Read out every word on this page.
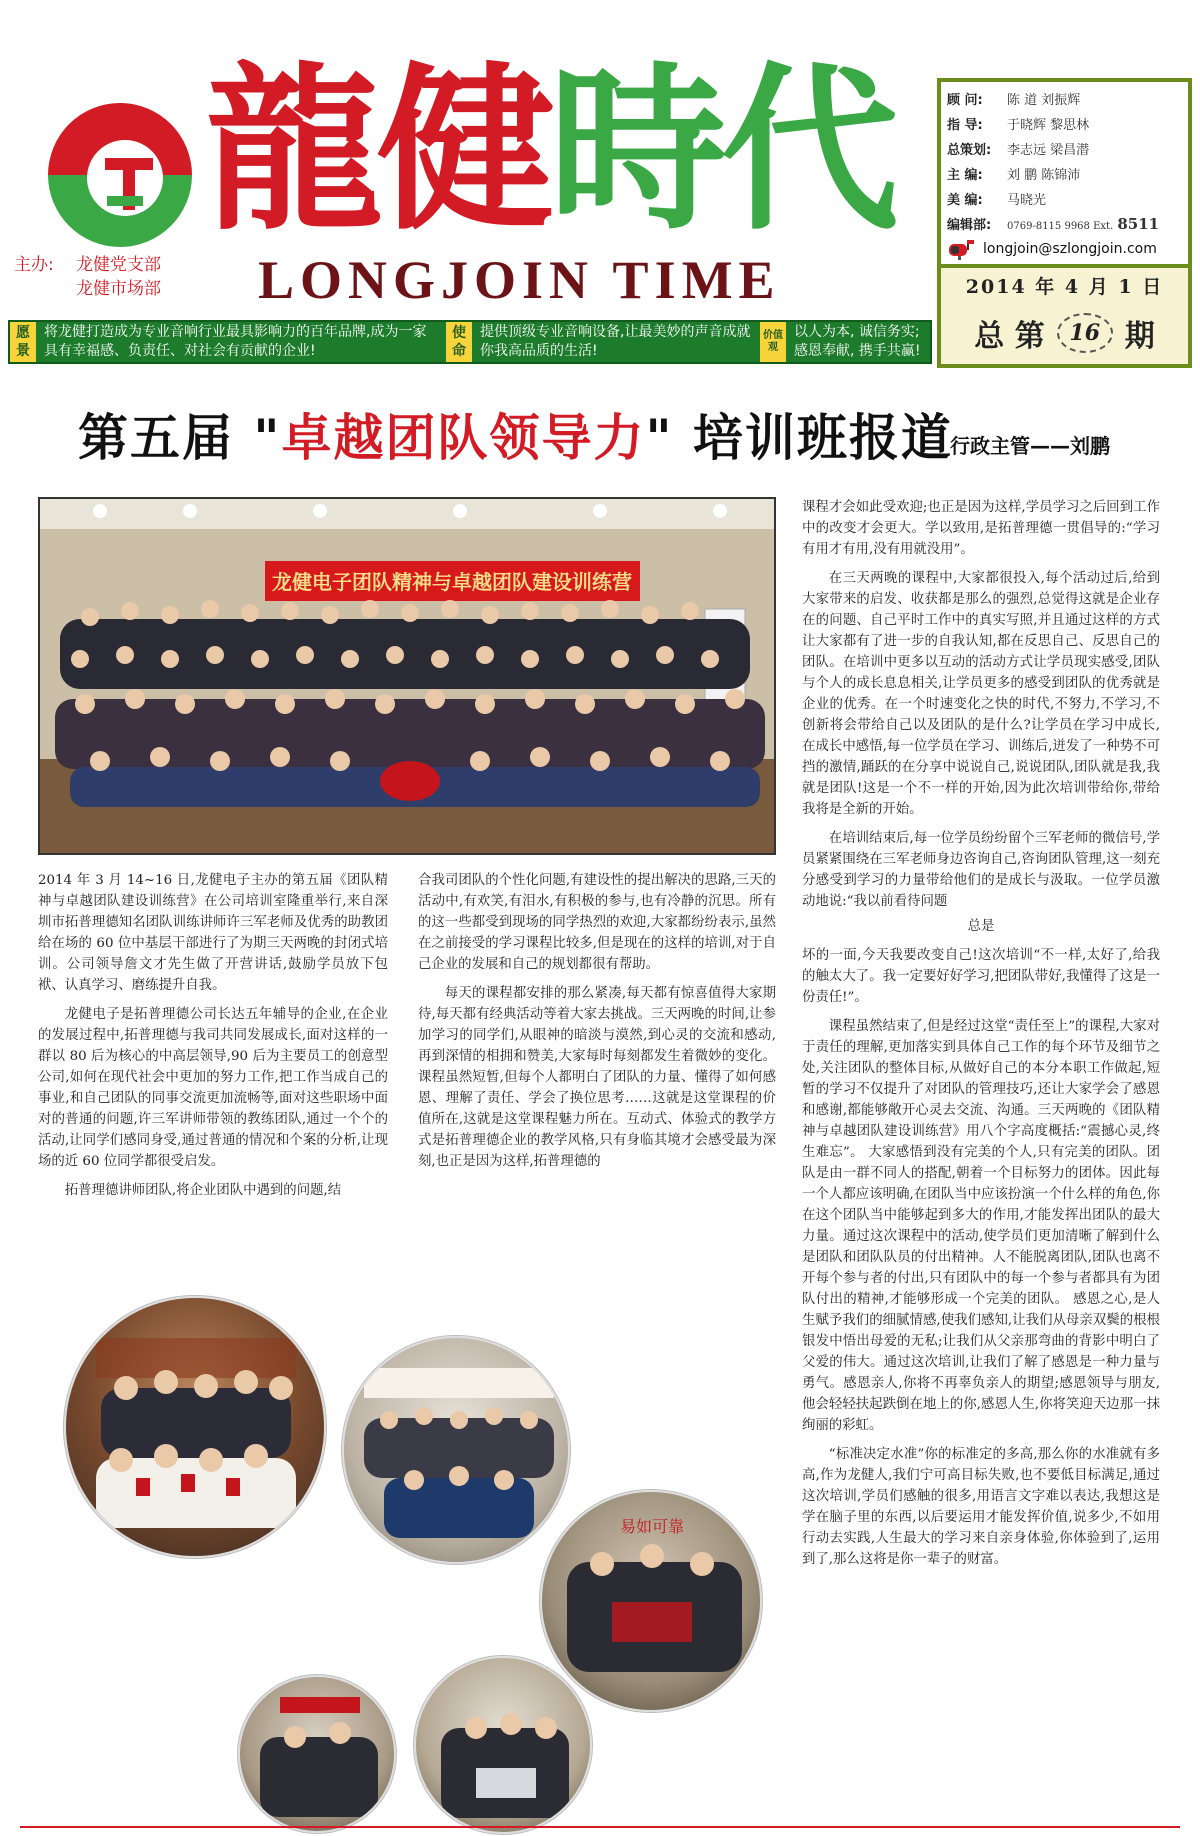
龍健時代
LONGJOIN TIME
主办: 龙健党支部
龙健市场部
顾 问:	陈 道 刘振辉
指 导:	于晓辉 黎思林
总策划:	李志远 梁昌潜
主 编:	刘 鹏 陈锦沛
美 编:	马晓光
编辑部:	0769-8115 9968 Ext. 8511
longjoin@szlongjoin.com
2014 年 4 月 1 日
总 第	16 期
愿景
将龙健打造成为专业音响行业最具影响力的百年品牌,成为一家具有幸福感、负责任、对社会有贡献的企业!
使命
提供顶级专业音响设备,让最美妙的声音成就你我高品质的生活!
价值观
以人为本, 诚信务实; 感恩奉献, 携手共赢!
第五届 "卓越团队领导力" 培训班报道
行政主管——刘鹏
龙健电子团队精神与卓越团队建设训练营
易如可靠

2014 年 3 月 14~16 日,龙健电子主办的第五届《团队精神与卓越团队建设训练营》在公司培训室隆重举行,来自深圳市拓普理德知名团队训练讲师许三军老师及优秀的助教团给在场的 60 位中基层干部进行了为期三天两晚的封闭式培训。公司领导詹文才先生做了开营讲话,鼓励学员放下包袱、认真学习、磨练提升自我。

龙健电子是拓普理德公司长达五年辅导的企业,在企业的发展过程中,拓普理德与我司共同发展成长,面对这样的一群以 80 后为核心的中高层领导,90 后为主要员工的创意型公司,如何在现代社会中更加的努力工作,把工作当成自己的事业,和自己团队的同事交流更加流畅等,面对这些职场中面对的普通的问题,许三军讲师带领的教练团队,通过一个个的活动,让同学们感同身受,通过普通的情况和个案的分析,让现场的近 60 位同学都很受启发。

拓普理德讲师团队,将企业团队中遇到的问题,结

合我司团队的个性化问题,有建设性的提出解决的思路,三天的活动中,有欢笑,有泪水,有积极的参与,也有冷静的沉思。所有的这一些都受到现场的同学热烈的欢迎,大家都纷纷表示,虽然在之前接受的学习课程比较多,但是现在的这样的培训,对于自己企业的发展和自己的规划都很有帮助。

每天的课程都安排的那么紧凑,每天都有惊喜值得大家期待,每天都有经典活动等着大家去挑战。三天两晚的时间,让参加学习的同学们,从眼神的暗淡与漠然,到心灵的交流和感动,再到深情的相拥和赞美,大家每时每刻都发生着微妙的变化。课程虽然短暂,但每个人都明白了团队的力量、懂得了如何感恩、理解了责任、学会了换位思考……这就是这堂课程的价值所在,这就是这堂课程魅力所在。互动式、体验式的教学方式是拓普理德企业的教学风格,只有身临其境才会感受最为深刻,也正是因为这样,拓普理德的

课程才会如此受欢迎;也正是因为这样,学员学习之后回到工作中的改变才会更大。学以致用,是拓普理德一贯倡导的:“学习有用才有用,没有用就没用”。

在三天两晚的课程中,大家都很投入,每个活动过后,给到大家带来的启发、收获都是那么的强烈,总觉得这就是企业存在的问题、自己平时工作中的真实写照,并且通过这样的方式让大家都有了进一步的自我认知,都在反思自己、反思自己的团队。在培训中更多以互动的活动方式让学员现实感受,团队与个人的成长息息相关,让学员更多的感受到团队的优秀就是企业的优秀。在一个时速变化之快的时代,不努力,不学习,不创新将会带给自己以及团队的是什么?让学员在学习中成长,在成长中感悟,每一位学员在学习、训练后,迸发了一种势不可挡的激情,踊跃的在分享中说说自己,说说团队,团队就是我,我就是团队!这是一个不一样的开始,因为此次培训带给你,带给我将是全新的开始。

在培训结束后,每一位学员纷纷留个三军老师的微信号,学员紧紧围绕在三军老师身边咨询自己,咨询团队管理,这一刻充分感受到学习的力量带给他们的是成长与汲取。一位学员激动地说:“我以前看待问题

总是

坏的一面,今天我要改变自己!这次培训“不一样,太好了,给我的触太大了。我一定要好好学习,把团队带好,我懂得了这是一份责任!”。

课程虽然结束了,但是经过这堂“责任至上”的课程,大家对于责任的理解,更加落实到具体自己工作的每个环节及细节之处,关注团队的整体目标,从做好自己的本分本职工作做起,短暂的学习不仅提升了对团队的管理技巧,还让大家学会了感恩和感谢,都能够敞开心灵去交流、沟通。三天两晚的《团队精神与卓越团队建设训练营》用八个字高度概括:“震撼心灵,终生难忘”。 大家感悟到没有完美的个人,只有完美的团队。团队是由一群不同人的搭配,朝着一个目标努力的团体。因此每一个人都应该明确,在团队当中应该扮演一个什么样的角色,你在这个团队当中能够起到多大的作用,才能发挥出团队的最大力量。通过这次课程中的活动,使学员们更加清晰了解到什么是团队和团队队员的付出精神。人不能脱离团队,团队也离不开每个参与者的付出,只有团队中的每一个参与者都具有为团队付出的精神,才能够形成一个完美的团队。 感恩之心,是人生赋予我们的细腻情感,使我们感知,让我们从母亲双鬓的根根银发中悟出母爱的无私;让我们从父亲那弯曲的背影中明白了父爱的伟大。通过这次培训,让我们了解了感恩是一种力量与勇气。感恩亲人,你将不再辜负亲人的期望;感恩领导与朋友,他会轻轻扶起跌倒在地上的你,感恩人生,你将笑迎天边那一抹绚丽的彩虹。

“标准决定水准”你的标准定的多高,那么你的水准就有多高,作为龙健人,我们宁可高目标失败,也不要低目标满足,通过这次培训,学员们感触的很多,用语言文字难以表达,我想这是学在脑子里的东西,以后要运用才能发挥价值,说多少,不如用行动去实践,人生最大的学习来自亲身体验,你体验到了,运用到了,那么这将是你一辈子的财富。
